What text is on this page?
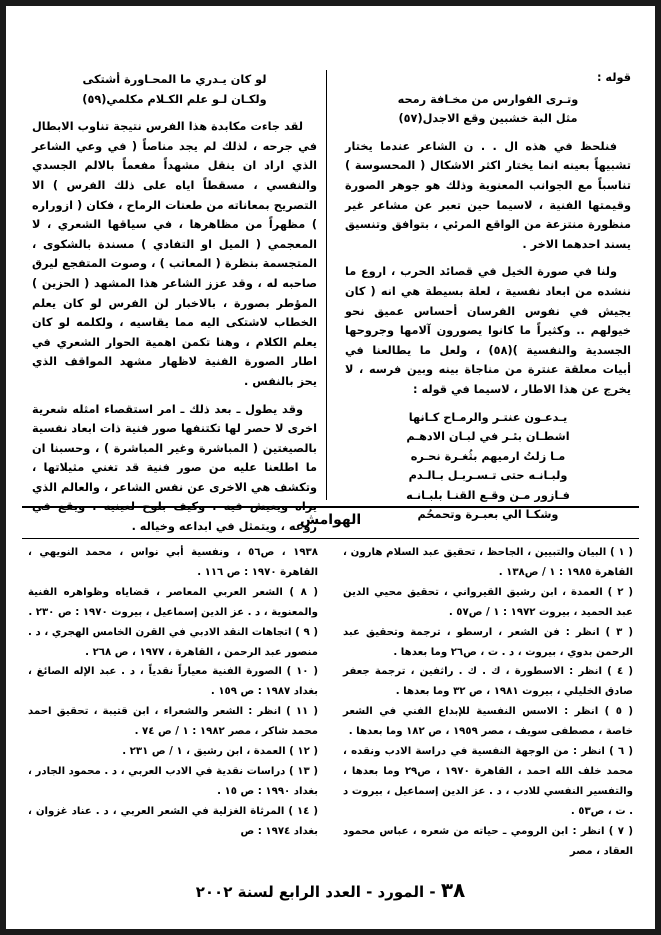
قوله :

وتـرى الفوارس من مخـافة رمحه

مثل البة خشبين وقع الاجدل(٥٧)

فنلحظ في هذه ال . . ن الشاعر عندما يختار تشبيهاً بعينه انما يختار اكثر الاشكال ( المحسوسة ) تناسباً مع الجوانب المعنوية وذلك هو جوهر الصورة وقيمتها الفنية ، لاسيما حين تعبر عن مشاعر غير منظورة منتزعة من الواقع المرئي ، بتوافق وتنسيق يسند احدهما الاخر .

ولنا في صورة الخيل في قصائد الحرب ، اروع ما ننشده من ابعاد نفسية ، لعلة بسيطة هي انه ( كان يجيش في نفوس الفرسان أحساس عميق نحو خيولهم .. وكثيراً ما كانوا يصورون آلامها وجروحها الجسدية والنفسية )(٥٨) ، ولعل ما يطالعنا في أبيات معلقة عنترة من مناجاة بينه وبين فرسه ، لا يخرج عن هذا الاطار ، لاسيما في قوله :

يـدعـون عنتـر والرمـاح كـانها

اشطـان بئـر في لبـان الادهـم

مـا زلتُ ارميهم بثُغـرة نحـره

ولبـانـه حتى تـسـربـل بـالـدم

فـازور مـن وقـع القنـا بلبـانـه

وشكـا الي بعبـرة وتحمحُم

لو كان يـدري ما المحـاورة أشتكى

ولكـان لـو علم الكـلام مكلمي(٥٩)

لقد جاءت مكابدة هذا الفرس نتيجة تناوب الابطال في جرحه ، لذلك لم يجد مناصاً ( في وعي الشاعر الذي اراد ان ينقل مشهداً مفعماً بالالم الجسدي والنفسي ، مسقطاً اياه على ذلك الفرس ) الا التصريح بمعاناته من طعنات الرماح ، فكان ( ازوراره ) مظهراً من مظاهرها ، في سياقها الشعري ، لا المعجمي ( الميل او التفادي ) مسندة بالشكوى ، المتجسمة بنظرة ( المعاتب ) ، وصوت المتفجع ليرق صاحبه له ، وقد عزز الشاعر هذا المشهد ( الحزين ) المؤطر بصورة ، بالاخبار لن الفرس لو كان يعلم الخطاب لاشتكى اليه مما يقاسيه ، ولكلمه لو كان يعلم الكلام ، وهنا تكمن اهمية الحوار الشعري في اطار الصورة الفنية لاظهار مشهد المواقف الذي يحز بالنفس .

وقد يطول ـ بعد ذلك ـ امر استقصاء امثله شعرية اخرى لا حصر لها تكتنفها صور فنية ذات ابعاد نفسية بالصيغتين ( المباشرة وغير المباشرة ) ، وحسبنا ان ما اطلعنا عليه من صور فنية قد تغني مثيلاتها ، وتكشف هي الاخرى عن نفس الشاعر ، والعالم الذي روعه ، ويتمثل في ابداعه وخياله .	الهوامش

( ١ ) البيان والتبيين ، الجاحظ ، تحقيق عبد السلام هارون ، القاهرة ١٩٨٥ : ١ / ص١٣٨ .

( ٢ ) العمدة ، ابن رشيق القيرواني ، تحقيق محيي الدين عبد الحميد ، بيروت ١٩٧٢ : ١ / ص٥٧ .

( ٣ ) انظر : فن الشعر ، ارسطو ، ترجمة وتحقيق عبد الرحمن بدوي ، بيروت ، د . ت ، ص٢٦ وما بعدها .

( ٤ ) انظر : الاسطورة ، ك . ك . راثفين ، ترجمة جعفر صادق الخليلي ، بيروت ١٩٨١ ، ص ٣٢ وما بعدها .

( ٥ ) انظر : الاسس النفسية للإبداع الفني في الشعر خاصة ، مصطفى سويف ، مصر ١٩٥٩ ، ص ١٨٢ وما بعدها .

( ٦ ) انظر : من الوجهة النفسية في دراسة الادب ونقده ، محمد خلف الله احمد ، القاهرة ١٩٧٠ ، ص٢٩ وما بعدها ، والتفسير النفسي للادب ، د . عز الدين إسماعيل ، بيروت د . ت ، ص٥٣ .

( ٧ ) انظر : ابن الرومي ـ حياته من شعره ، عباس محمود العقاد ، مصر

١٩٣٨ ، ص٥٦ ، ونفسية أبي نواس ، محمد النويهي ، القاهرة ١٩٧٠ : ص ١١٦ .

( ٨ ) الشعر العربي المعاصر ، قضاياه وظواهره الفنية والمعنوية ، د . عز الدين إسماعيل ، بيروت ١٩٧٠ : ص ٢٣٠ .

( ٩ ) اتجاهات النقد الادبي في القرن الخامس الهجري ، د . منصور عبد الرحمن ، القاهرة ، ١٩٧٧ ، ص ٢٦٨ .

( ١٠ ) الصورة الفنية معياراً نقدياً ، د . عبد الإله الصائغ ، بغداد ١٩٨٧ : ص ١٥٩ .

( ١١ ) انظر : الشعر والشعراء ، ابن قتيبة ، تحقيق احمد محمد شاكر ، مصر ١٩٨٢ : ١ / ص ٧٤ .

( ١٢ ) العمدة ، ابن رشيق ، ١ / ص ٢٣١ .

( ١٣ ) دراسات نقدية في الادب العربي ، د . محمود الجادر ، بغداد ١٩٩٠ : ص ١٥ .

( ١٤ ) المرثاة الغزلية في الشعر العربي ، د . عناد غزوان ، بغداد ١٩٧٤ : ص

٣٨ - المورد - العدد الرابع لسنة ٢٠٠٢
